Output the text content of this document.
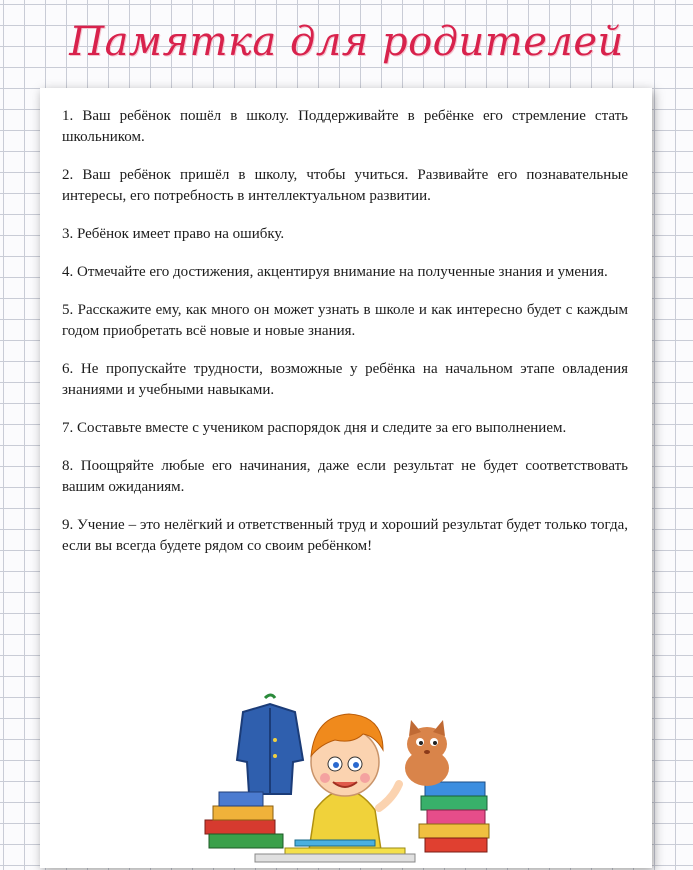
Памятка для родителей

1. Ваш ребёнок пошёл в школу. Поддерживайте в ребёнке его стремление стать школьником.

2. Ваш ребёнок пришёл в школу, чтобы учиться. Развивайте его познавательные интересы, его потребность в интеллектуальном развитии.

3. Ребёнок имеет право на ошибку.

4. Отмечайте его достижения, акцентируя внимание на полученные знания и умения.

5. Расскажите ему, как много он может узнать в школе и как интересно будет с каждым годом приобретать всё новые и новые знания.

6. Не пропускайте трудности, возможные у ребёнка на начальном этапе овладения знаниями и учебными навыками.

7. Составьте вместе с учеником распорядок дня и следите за его выполнением.

8. Поощряйте любые его начинания, даже если результат не будет соответствовать вашим ожиданиям.

9. Учение – это нелёгкий и ответственный труд и хороший результат будет только тогда, если вы всегда будете рядом со своим ребёнком!
